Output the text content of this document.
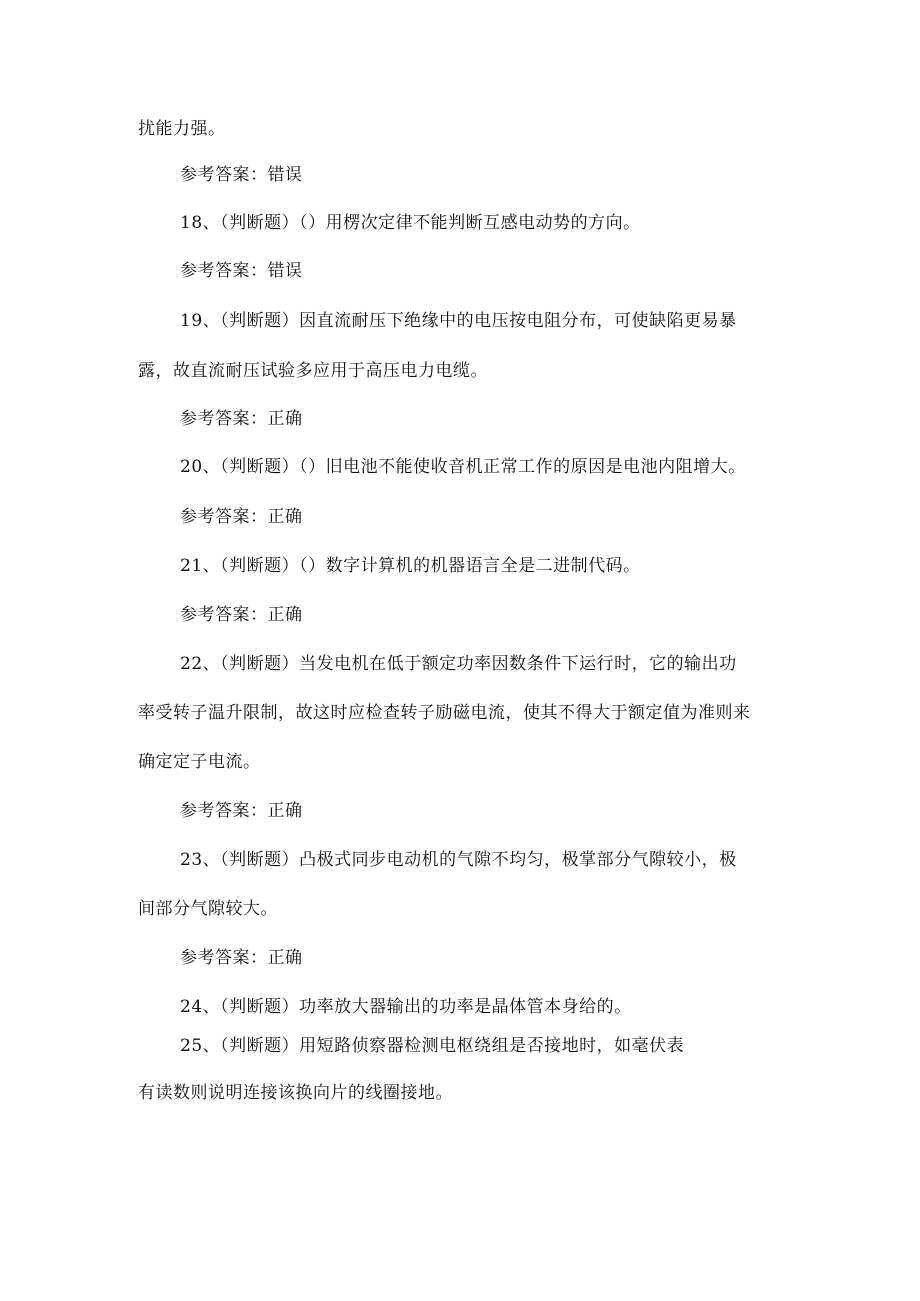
扰能力强。

参考答案：错误

18、（判断题）（）用楞次定律不能判断互感电动势的方向。

参考答案：错误

19、（判断题）因直流耐压下绝缘中的电压按电阻分布，可使缺陷更易暴

露，故直流耐压试验多应用于高压电力电缆。

参考答案：正确

20、（判断题）（）旧电池不能使收音机正常工作的原因是电池内阻增大。

参考答案：正确

21、（判断题）（）数字计算机的机器语言全是二进制代码。

参考答案：正确

22、（判断题）当发电机在低于额定功率因数条件下运行时，它的输出功

率受转子温升限制，故这时应检查转子励磁电流，使其不得大于额定值为准则来

确定定子电流。

参考答案：正确

23、（判断题）凸极式同步电动机的气隙不均匀，极掌部分气隙较小，极

间部分气隙较大。

参考答案：正确

24、（判断题）功率放大器输出的功率是晶体管本身给的。

25、（判断题）用短路侦察器检测电枢绕组是否接地时，如毫伏表

有读数则说明连接该换向片的线圈接地。
